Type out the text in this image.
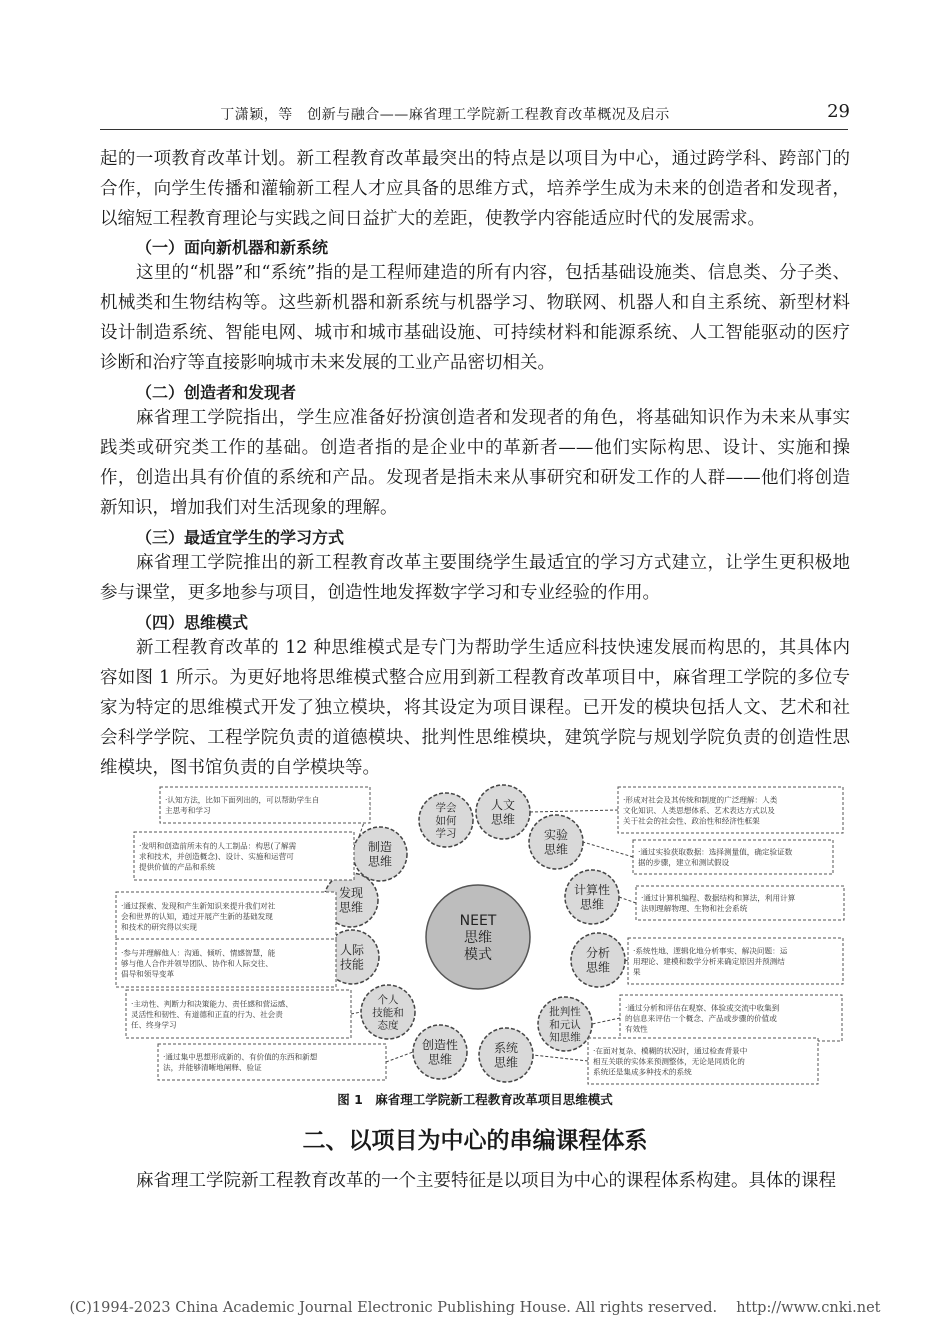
丁潇颖，等　创新与融合——麻省理工学院新工程教育改革概况及启示	29

起的一项教育改革计划。新工程教育改革最突出的特点是以项目为中心，通过跨学科、跨部门的合作，向学生传播和灌输新工程人才应具备的思维方式，培养学生成为未来的创造者和发现者，以缩短工程教育理论与实践之间日益扩大的差距，使教学内容能适应时代的发展需求。

（一）面向新机器和新系统

这里的“机器”和“系统”指的是工程师建造的所有内容，包括基础设施类、信息类、分子类、机械类和生物结构等。这些新机器和新系统与机器学习、物联网、机器人和自主系统、新型材料设计制造系统、智能电网、城市和城市基础设施、可持续材料和能源系统、人工智能驱动的医疗诊断和治疗等直接影响城市未来发展的工业产品密切相关。

（二）创造者和发现者

麻省理工学院指出，学生应准备好扮演创造者和发现者的角色，将基础知识作为未来从事实践类或研究类工作的基础。创造者指的是企业中的革新者——他们实际构思、设计、实施和操作，创造出具有价值的系统和产品。发现者是指未来从事研究和研发工作的人群——他们将创造新知识，增加我们对生活现象的理解。

（三）最适宜学生的学习方式

麻省理工学院推出的新工程教育改革主要围绕学生最适宜的学习方式建立，让学生更积极地参与课堂，更多地参与项目，创造性地发挥数字学习和专业经验的作用。

（四）思维模式

新工程教育改革的 12 种思维模式是专门为帮助学生适应科技快速发展而构思的，其具体内容如图 1 所示。为更好地将思维模式整合应用到新工程教育改革项目中，麻省理工学院的多位专家为特定的思维模式开发了独立模块，将其设定为项目课程。已开发的模块包括人文、艺术和社会科学学院、工程学院负责的道德模块、批判性思维模块，建筑学院与规划学院负责的创造性思维模块，图书馆负责的自学模块等。

NEET 思维模式
学会如何学习
人文思维
实验思维
计算性思维
分析思维
批判性和元认知思维
系统思维
创造性思维
个人技能和态度
人际技能
发现思维
制造思维
·认知方法，比如下面列出的，可以帮助学生自主思考和学习
·发明和创造前所未有的人工制品：构思(了解需求和技术，并创造概念)、设计、实施和运营可提供价值的产品和系统
·通过探索、发现和产生新知识来提升我们对社会和世界的认知，通过开展产生新的基础发现和技术的研究得以实现
·参与并理解他人：沟通、倾听、情感智慧，能够与他人合作并领导团队、协作和人际交往、倡导和领导变革
·主动性、判断力和决策能力、责任感和营运感、灵活性和韧性、有道德和正直的行为、社会责任、终身学习
·通过集中思想形成新的、有价值的东西和新想法，并能够清晰地阐释、验证
·形成对社会及其传统和制度的广泛理解：人类文化知识、人类思想体系、艺术表达方式以及关于社会的社会性、政治性和经济性框架
·通过实验获取数据：选择测量值，确定验证数据的步骤，建立和测试假设
·通过计算机编程、数据结构和算法，利用计算法则理解物理、生物和社会系统
·系统性地、逻辑化地分析事实、解决问题：运用理论、建模和数学分析来确定原因并预测结果
·通过分析和评估在观察、体验或交流中收集到的信息来评估一个概念、产品或步骤的价值或有效性
·在面对复杂、模糊的状况时，通过检查背景中相互关联的实体来预测整体，无论是同质化的系统还是集成多种技术的系统
图 1　麻省理工学院新工程教育改革项目思维模式
二、以项目为中心的串编课程体系

麻省理工学院新工程教育改革的一个主要特征是以项目为中心的课程体系构建。具体的课程

(C)1994-2023 China Academic Journal Electronic Publishing House. All rights reserved.　 http://www.cnki.net
